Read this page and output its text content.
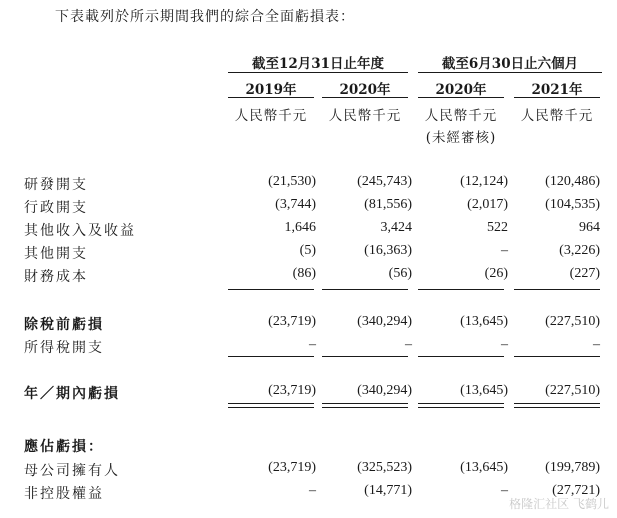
下表載列於所示期間我們的綜合全面虧損表：
截至12月31日止年度	截至6月30日止六個月
2019年	2020年	2020年	2021年
人民幣千元	人民幣千元	人民幣千元	人民幣千元
(未經審核)
研發開支	(21,530)	(245,743)	(12,124)	(120,486)
行政開支	(3,744)	(81,556)	(2,017)	(104,535)
其他收入及收益	1,646	3,424	522	964
其他開支	(5)	(16,363)	–	(3,226)
財務成本	(86)	(56)	(26)	(227)
除稅前虧損	(23,719)	(340,294)	(13,645)	(227,510)
所得稅開支	–	–	–	–
年／期內虧損	(23,719)	(340,294)	(13,645)	(227,510)
應佔虧損：
母公司擁有人	(23,719)	(325,523)	(13,645)	(199,789)
非控股權益	–	(14,771)	–	(27,721)
格隆汇社区 飞鹤儿
